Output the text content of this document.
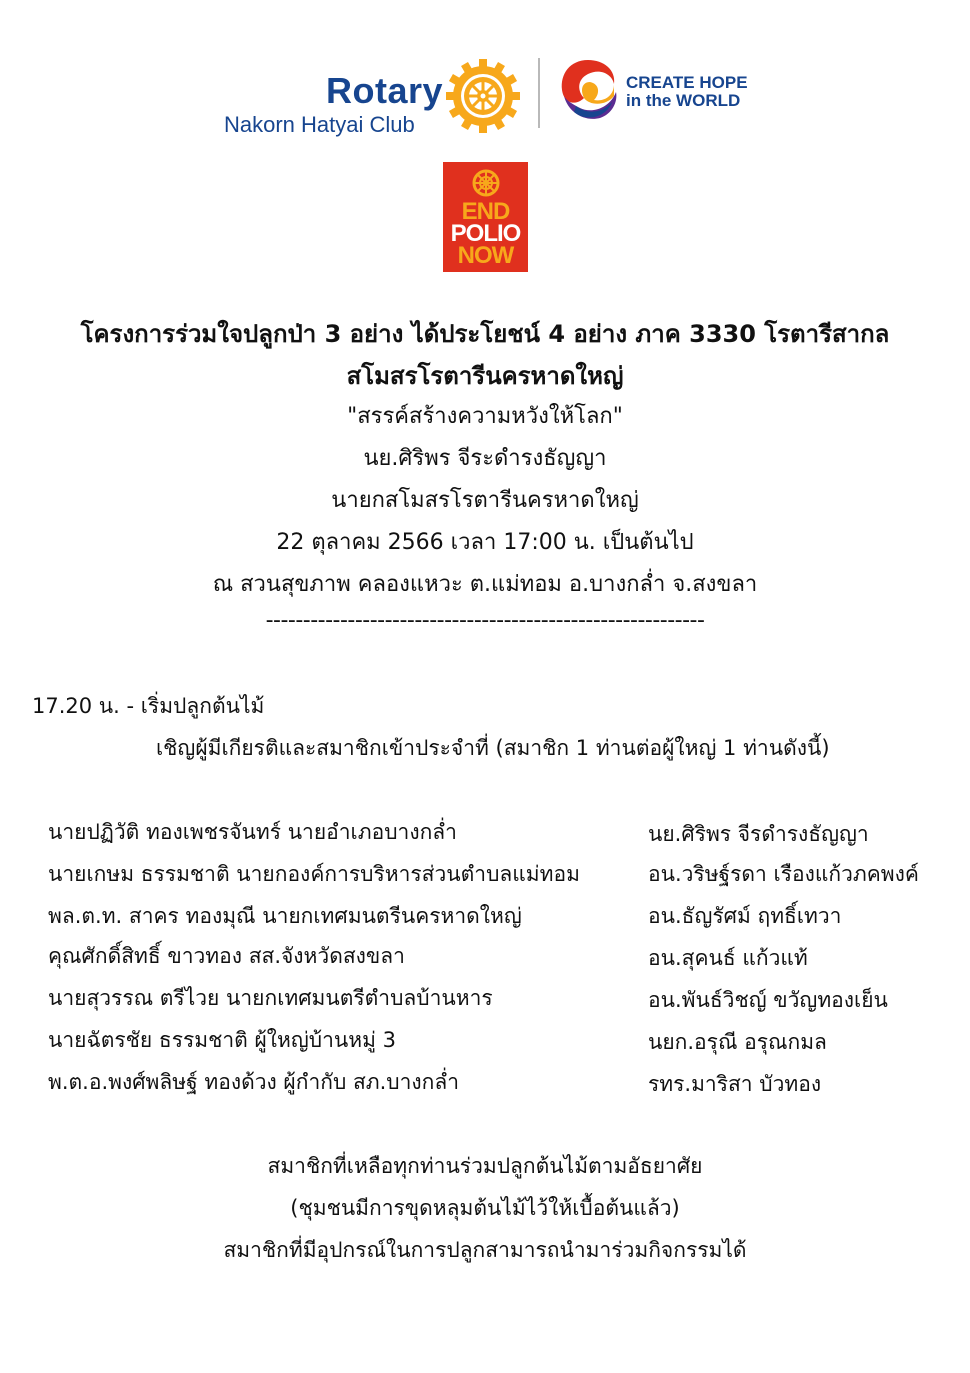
Rotary
Nakorn Hatyai Club
CREATE HOPE
in the WORLD
END
POLIO
NOW
โครงการร่วมใจปลูกป่า 3 อย่าง ได้ประโยชน์ 4 อย่าง ภาค 3330 โรตารีสากล
สโมสรโรตารีนครหาดใหญ่
"สรรค์สร้างความหวังให้โลก"
นย.ศิริพร จีระดำรงธัญญา
นายกสโมสรโรตารีนครหาดใหญ่
22 ตุลาคม 2566 เวลา 17:00 น. เป็นต้นไป
ณ สวนสุขภาพ คลองแหวะ ต.แม่ทอม อ.บางกล่ำ จ.สงขลา
-----------------------------------------------------------
17.20 น. - เริ่มปลูกต้นไม้
เชิญผู้มีเกียรติและสมาชิกเข้าประจำที่ (สมาชิก 1 ท่านต่อผู้ใหญ่ 1 ท่านดังนี้)
นายปฏิวัติ ทองเพชรจันทร์ นายอำเภอบางกล่ำ	นย.ศิริพร จีรดำรงธัญญา
นายเกษม ธรรมชาติ นายกองค์การบริหารส่วนตำบลแม่ทอม	อน.วริษฐ์รดา เรืองแก้วภคพงค์
พล.ต.ท. สาคร ทองมุณี นายกเทศมนตรีนครหาดใหญ่	อน.ธัญรัศม์ ฤทธิ์เทวา
คุณศักดิ์สิทธิ์ ขาวทอง สส.จังหวัดสงขลา	อน.สุคนธ์ แก้วแท้
นายสุวรรณ ตรีไวย นายกเทศมนตรีตำบลบ้านหาร	อน.พันธ์วิชญ์ ขวัญทองเย็น
นายฉัตรชัย ธรรมชาติ ผู้ใหญ่บ้านหมู่ 3	นยก.อรุณี อรุณกมล
พ.ต.อ.พงศ์พลิษฐ์ ทองด้วง ผู้กำกับ สภ.บางกล่ำ	รทร.มาริสา บัวทอง
สมาชิกที่เหลือทุกท่านร่วมปลูกต้นไม้ตามอัธยาศัย
(ชุมชนมีการขุดหลุมต้นไม้ไว้ให้เบื้อต้นแล้ว)
สมาชิกที่มีอุปกรณ์ในการปลูกสามารถนำมาร่วมกิจกรรมได้
